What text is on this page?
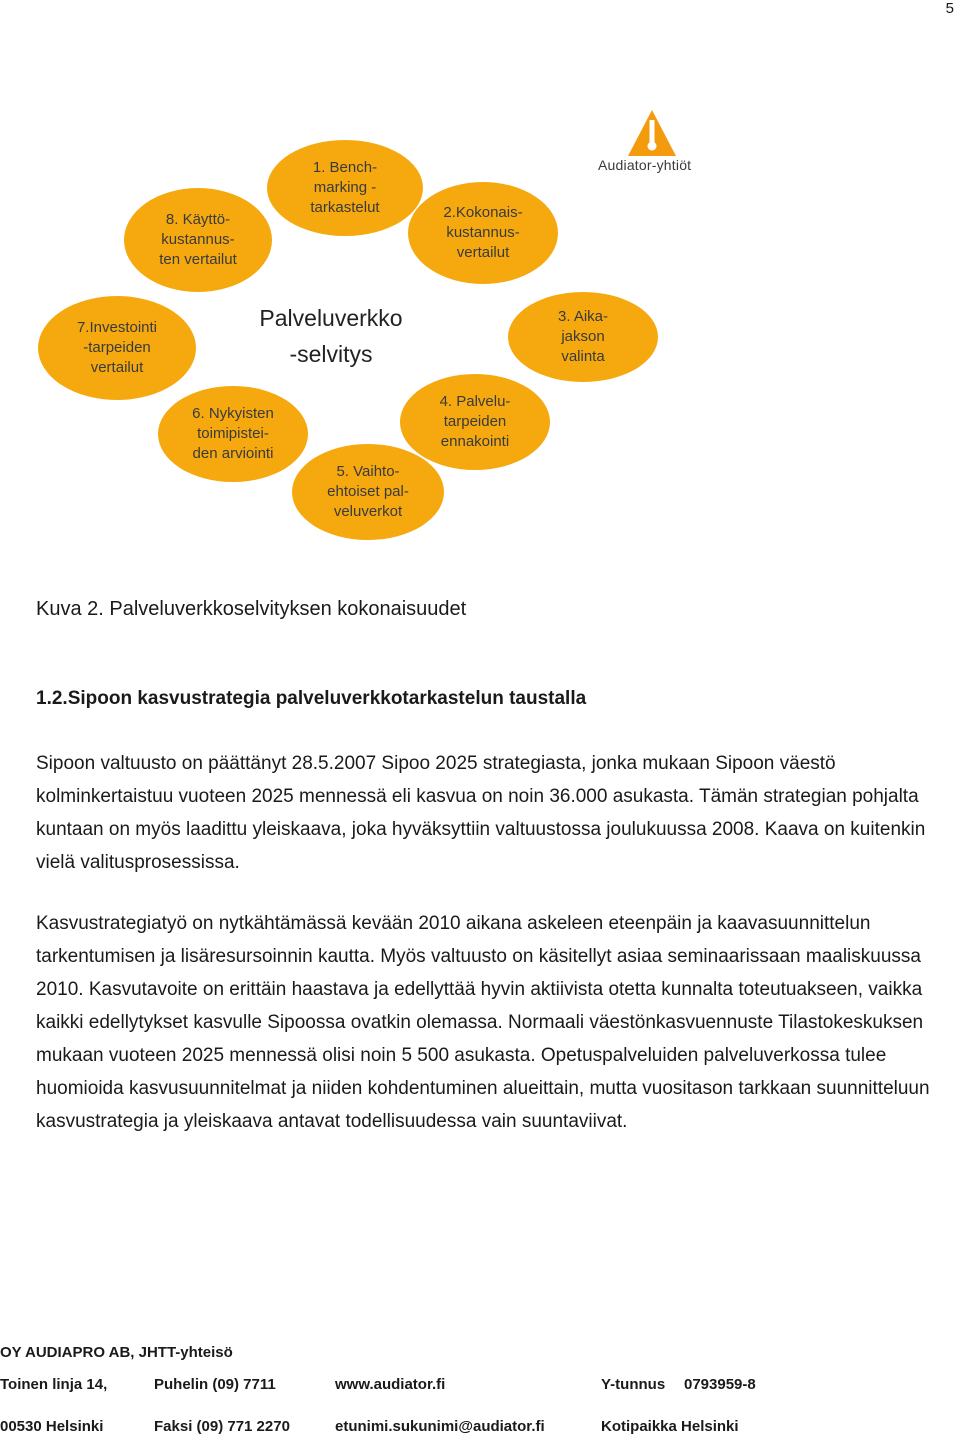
5
Audiator-yhtiöt
1. Bench-
marking -
tarkastelut	2.Kokonais-
kustannus-
vertailut
3. Aika-
jakson
valinta
4. Palvelu-
tarpeiden
ennakointi
5. Vaihto-
ehtoiset pal-
veluverkot
6. Nykyisten
toimipistei-
den arviointi
7.Investointi
-tarpeiden
vertailut
8. Käyttö-
kustannus-
ten vertailut
Palveluverkko
-selvitys
Kuva 2. Palveluverkkoselvityksen kokonaisuudet
1.2.Sipoon kasvustrategia palveluverkkotarkastelun taustalla
Sipoon valtuusto on päättänyt 28.5.2007 Sipoo 2025 strategiasta, jonka mukaan Sipoon väestö kolminkertaistuu vuoteen 2025 mennessä eli kasvua on noin 36.000 asukasta. Tämän strategian pohjalta kuntaan on myös laadittu yleiskaava, joka hyväksyttiin valtuustossa joulukuussa 2008. Kaava on kuitenkin vielä valitusprosessissa.
Kasvustrategiatyö on nytkähtämässä kevään 2010 aikana askeleen eteenpäin ja kaavasuunnittelun tarkentumisen ja lisäresursoinnin kautta. Myös valtuusto on käsitellyt asiaa seminaarissaan maaliskuussa 2010. Kasvutavoite on erittäin haastava ja edellyttää hyvin aktiivista otetta kunnalta toteutuakseen, vaikka kaikki edellytykset kasvulle Sipoossa ovatkin olemassa. Normaali väestönkasvuennuste Tilastokeskuksen mukaan vuoteen 2025 mennessä olisi noin 5 500 asukasta. Opetuspalveluiden palveluverkossa tulee huomioida kasvusuunnitelmat ja niiden kohdentuminen alueittain, mutta vuositason tarkkaan suunnitteluun kasvustrategia ja yleiskaava antavat todellisuudessa vain suuntaviivat.
OY AUDIAPRO AB, JHTT-yhteisö
Toinen linja 14,	Puhelin (09) 7711	www.audiator.fi	Y-tunnus 0793959-8
00530 Helsinki	Faksi (09) 771 2270	etunimi.sukunimi@audiator.fi	Kotipaikka Helsinki
